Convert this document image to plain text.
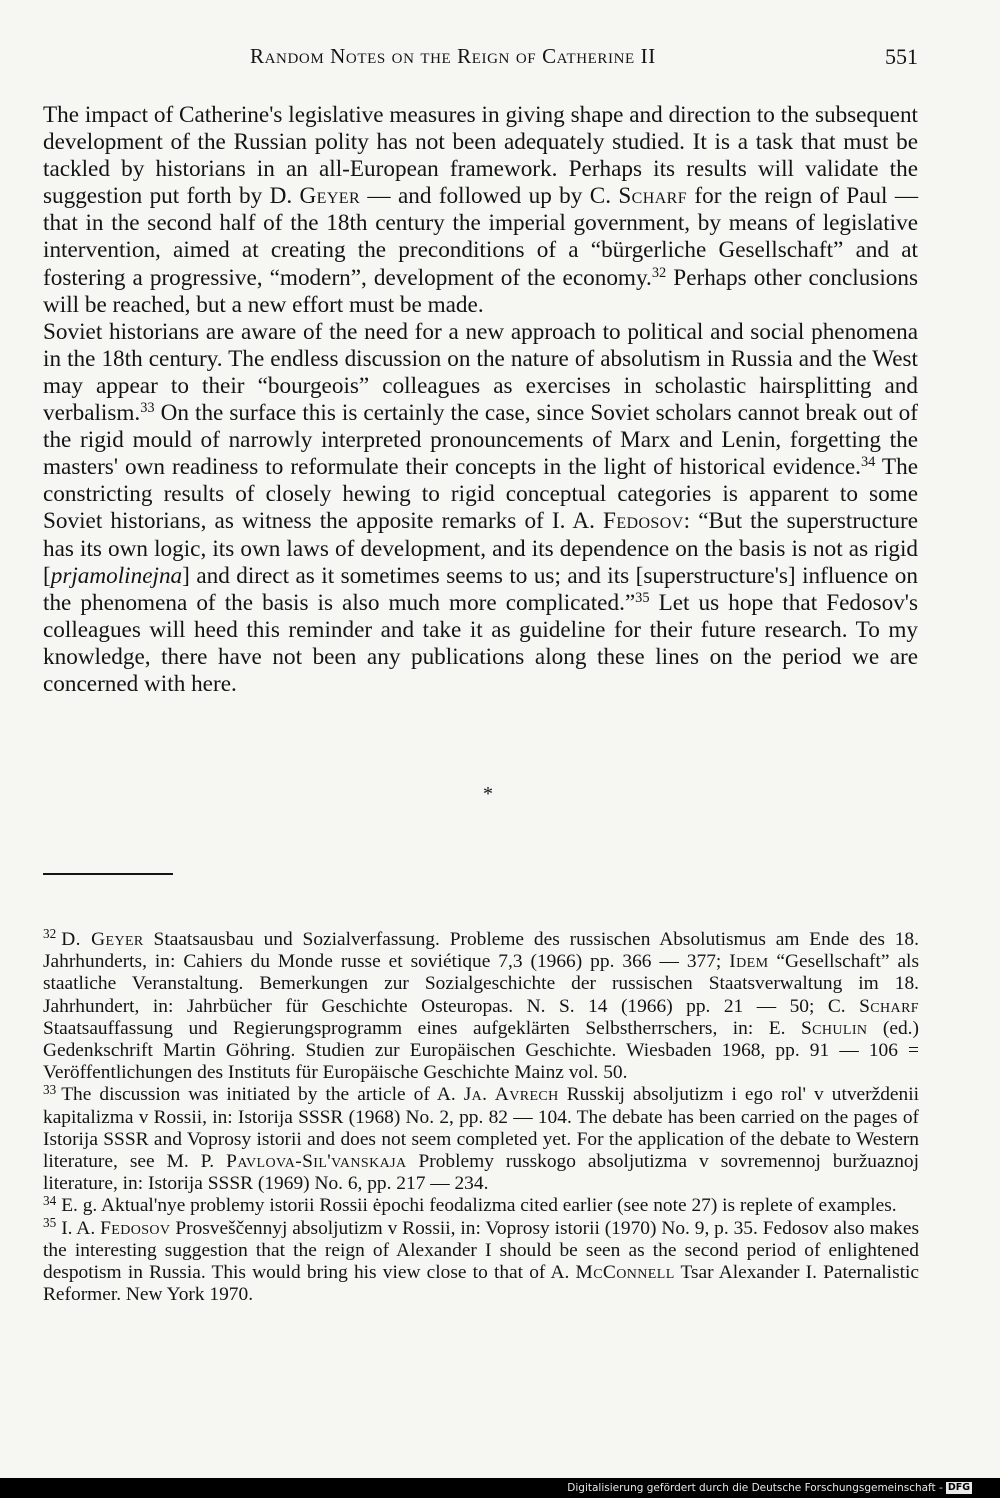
Random Notes on the Reign of Catherine II	551

The impact of Catherine's legislative measures in giving shape and direction to the subsequent development of the Russian polity has not been adequately studied. It is a task that must be tackled by historians in an all-European framework. Perhaps its results will validate the suggestion put forth by D. Geyer — and followed up by C. Scharf for the reign of Paul — that in the second half of the 18th century the imperial government, by means of legislative intervention, aimed at creating the preconditions of a “bürgerliche Gesellschaft” and at fostering a progressive, “modern”, development of the economy.$^{32}$ Perhaps other conclusions will be reached, but a new effort must be made.

Soviet historians are aware of the need for a new approach to political and social phenomena in the 18th century. The endless discussion on the nature of absolutism in Russia and the West may appear to their “bourgeois” colleagues as exercises in scholastic hairsplitting and verbalism.$^{33}$ On the surface this is certainly the case, since Soviet scholars cannot break out of the rigid mould of narrowly interpreted pronouncements of Marx and Lenin, forgetting the masters' own readiness to reformulate their concepts in the light of historical evidence.$^{34}$ The constricting results of closely hewing to rigid conceptual categories is apparent to some Soviet historians, as witness the apposite remarks of I. A. Fedosov: “But the superstructure has its own logic, its own laws of development, and its dependence on the basis is not as rigid [prjamolinejna] and direct as it sometimes seems to us; and its [superstructure's] influence on the phenomena of the basis is also much more complicated.”$^{35}$ Let us hope that Fedosov's colleagues will heed this reminder and take it as guideline for their future research. To my knowledge, there have not been any publications along these lines on the period we are concerned with here.

*

$^{32}$ D. Geyer Staatsausbau und Sozialverfassung. Probleme des russischen Absolutismus am Ende des 18. Jahrhunderts, in: Cahiers du Monde russe et soviétique 7,3 (1966) pp. 366 — 377; Idem “Gesellschaft” als staatliche Veranstaltung. Bemerkungen zur Sozialgeschichte der russischen Staatsverwaltung im 18. Jahrhundert, in: Jahrbücher für Geschichte Osteuropas. N. S. 14 (1966) pp. 21 — 50; C. Scharf Staatsauffassung und Regierungsprogramm eines aufgeklärten Selbstherrschers, in: E. Schulin (ed.) Gedenkschrift Martin Göhring. Studien zur Europäischen Geschichte. Wiesbaden 1968, pp. 91 — 106 = Veröffentlichungen des Instituts für Europäische Geschichte Mainz vol. 50.

$^{33}$ The discussion was initiated by the article of A. Ja. Avrech Russkij absoljutizm i ego rol' v utverždenii kapitalizma v Rossii, in: Istorija SSSR (1968) No. 2, pp. 82 — 104. The debate has been carried on the pages of Istorija SSSR and Voprosy istorii and does not seem completed yet. For the application of the debate to Western literature, see M. P. Pavlova-Sil'vanskaja Problemy russkogo absoljutizma v sovremennoj buržuaznoj literature, in: Istorija SSSR (1969) No. 6, pp. 217 — 234.

$^{34}$ E. g. Aktual'nye problemy istorii Rossii ėpochi feodalizma cited earlier (see note 27) is replete of examples.

$^{35}$ I. A. Fedosov Prosveščennyj absoljutizm v Rossii, in: Voprosy istorii (1970) No. 9, p. 35. Fedosov also makes the interesting suggestion that the reign of Alexander I should be seen as the second period of enlightened despotism in Russia. This would bring his view close to that of A. McConnell Tsar Alexander I. Paternalistic Reformer. New York 1970.

Digitalisierung gefördert durch die Deutsche Forschungsgemeinschaft - DFG
